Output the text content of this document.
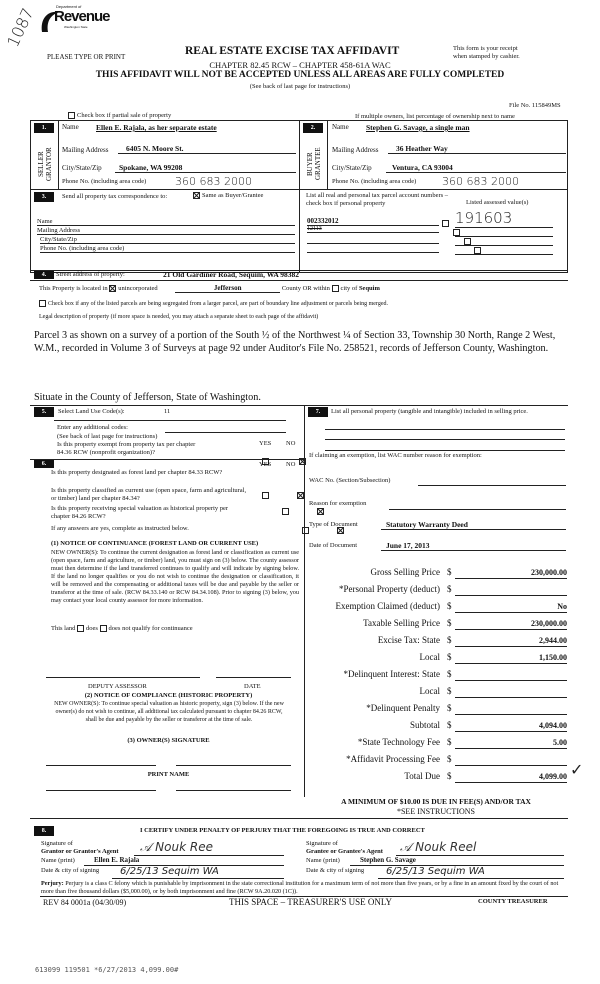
1087	Department of
Revenue
Washington State
PLEASE TYPE OR PRINT	REAL ESTATE EXCISE TAX AFFIDAVIT
CHAPTER 82.45 RCW – CHAPTER 458-61A WAC
THIS AFFIDAVIT WILL NOT BE ACCEPTED UNLESS ALL AREAS ARE FULLY COMPLETED
(See back of last page for instructions)
This form is your receipt
when stamped by cashier.
File No. 115849MS
Check box if partial sale of property	If multiple owners, list percentage of ownership next to name
1.	2.
SELLER GRANTOR	BUYER GRANTEE
Name Ellen E. Rajala, as her separate estate
Mailing Address	6405 N. Moore St.
City/State/Zip	Spokane, WA 99208
Phone No. (including area code)	360 683 2000
Name Stephen G. Savage, a single man
Mailing Address	36 Heather Way
City/State/Zip	Ventura, CA 93004
Phone No. (including area code) 360 683 2000
3.	Send all property tax correspondence to:	Same as Buyer/Grantee
Name
Mailing Address
City/State/Zip
Phone No. (including area code)
List all real and personal tax parcel account numbers – check box if personal property	Listed assessed value(s)
002332012
12113

191603
4.	Street address of property:	21 Old Gardiner Road, Sequim, WA 98382
This Property is located in unincorporated	Jefferson	County OR within city of Sequim
Check box if any of the listed parcels are being segregated from a larger parcel, are part of boundary line adjustment or parcels being merged.
Legal description of property (if more space is needed, you may attach a separate sheet to each page of the affidavit)
Parcel 3 as shown on a survey of a portion of the South ½ of the Northwest ¼ of Section 33, Township 30 North, Range 2 West, W.M., recorded in Volume 3 of Surveys at page 92 under Auditor's File No. 258521, records of Jefferson County, Washington.
Situate in the County of Jefferson, State of Washington.
5.	Select Land Use Code(s):	11
Enter any additional codes:
(See back of last page for instructions)
Is this property exempt from property tax per chapter 84.36 RCW (nonprofit organization)?
YES NO

6.	YES NO
Is this property designated as forest land per chapter 84.33 RCW?

Is this property classified as current use (open space, farm and agricultural, or timber) land per chapter 84.34?

Is this property receiving special valuation as historical property per chapter 84.26 RCW?
If any answers are yes, complete as instructed below.
(1) NOTICE OF CONTINUANCE (FOREST LAND OR CURRENT USE)
NEW OWNER(S): To continue the current designation as forest land or classification as current use (open space, farm and agriculture, or timber) land, you must sign on (3) below. The county assessor must then determine if the land transferred continues to qualify and will indicate by signing below. If the land no longer qualifies or you do not wish to continue the designation or classification, it will be removed and the compensating or additional taxes will be due and payable by the seller or transferor at the time of sale. (RCW 84.33.140 or RCW 84.34.108). Prior to signing (3) below, you may contact your local county assessor for more information.
This land does does not qualify for continuance
DEPUTY ASSESSOR	DATE
(2) NOTICE OF COMPLIANCE (HISTORIC PROPERTY)
NEW OWNER(S): To continue special valuation as historic property, sign (3) below. If the new owner(s) do not wish to continue, all additional tax calculated pursuant to chapter 84.26 RCW, shall be due and payable by the seller or transferor at the time of sale.
(3) OWNER(S) SIGNATURE
PRINT NAME
7.	List all personal property (tangible and intangible) included in selling price.
If claiming an exemption, list WAC number reason for exemption:
WAC No. (Section/Subsection)
Reason for exemption
Type of Document	Statutory Warranty Deed
Date of Document	June 17, 2013
Gross Selling Price $	230,000.00
*Personal Property (deduct) $
Exemption Claimed (deduct) $	No
Taxable Selling Price $	230,000.00
Excise Tax: State $	2,944.00
Local $	1,150.00
*Delinquent Interest: State $
Local $
*Delinquent Penalty $
Subtotal $	4,094.00
*State Technology Fee $	5.00
*Affidavit Processing Fee $
Total Due $	4,099.00 ✓
A MINIMUM OF $10.00 IS DUE IN FEE(S) AND/OR TAX
*SEE INSTRUCTIONS
8.	I CERTIFY UNDER PENALTY OF PERJURY THAT THE FOREGOING IS TRUE AND CORRECT
Signature of
Grantor or Grantor's Agent 𝒜 Nouk Ree
Name (print)	Ellen E. Rajala
Date & city of signing	6/25/13 Sequim WA
Signature of
Grantee or Grantee's Agent 𝒜 Nouk Reel
Name (print)	Stephen G. Savage
Date & city of signing	6/25/13 Sequim WA
Perjury: Perjury is a class C felony which is punishable by imprisonment in the state correctional institution for a maximum term of not more than five years, or by a fine in an amount fixed by the court of not more than five thousand dollars ($5,000.00), or by both imprisonment and fine (RCW 9A.20.020 (1C)).
REV 84 0001a (04/30/09)	THIS SPACE – TREASURER'S USE ONLY	COUNTY TREASURER
613099 119501 *6/27/2013 4,099.00#
